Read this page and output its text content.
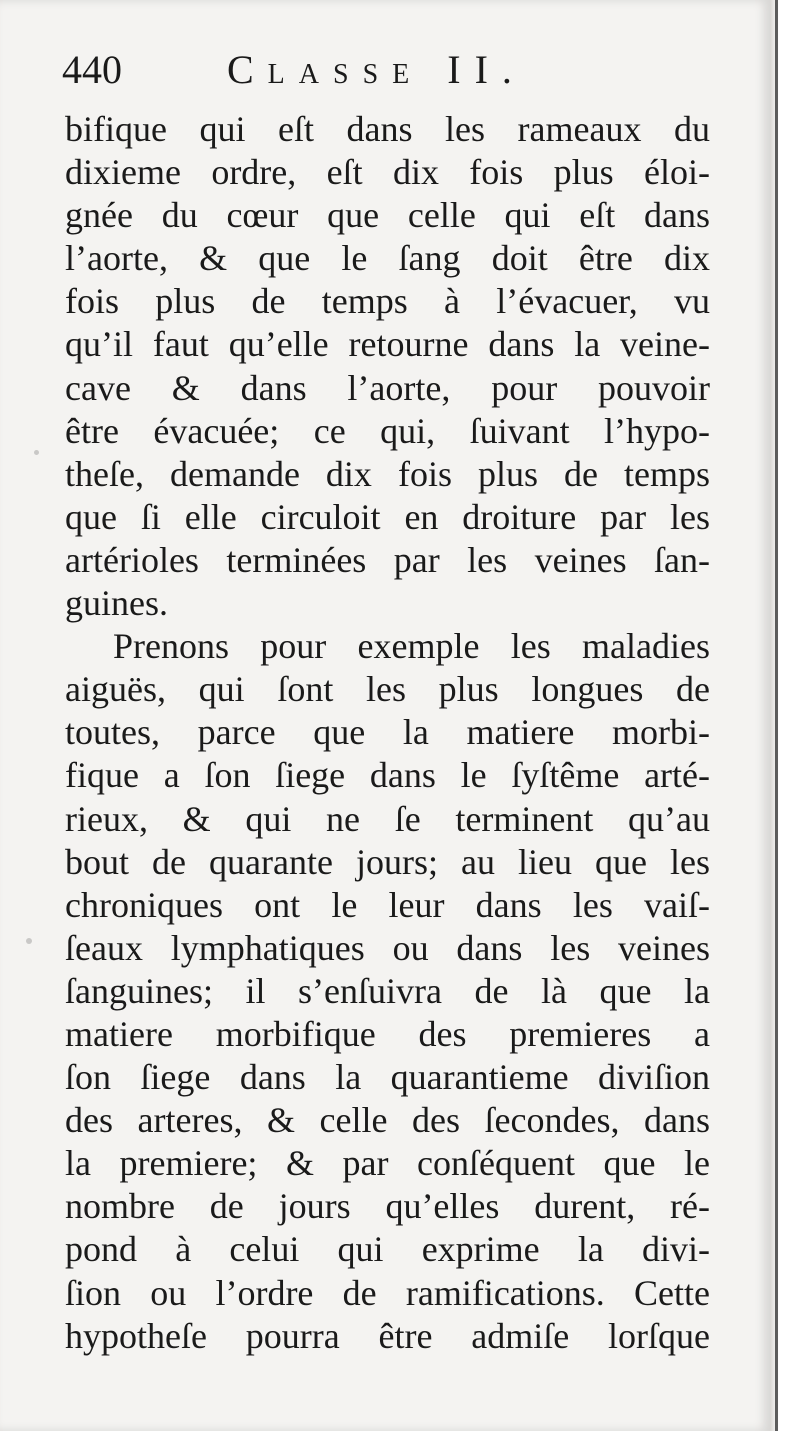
440	Classe II.
bifique qui eſt dans les rameaux du
dixieme ordre, eſt dix fois plus éloi-
gnée du cœur que celle qui eſt dans
l’aorte, & que le ſang doit être dix
fois plus de temps à l’évacuer, vu
qu’il faut qu’elle retourne dans la veine-
cave & dans l’aorte, pour pouvoir
être évacuée; ce qui, ſuivant l’hypo-
theſe, demande dix fois plus de temps
que ſi elle circuloit en droiture par les
artérioles terminées par les veines ſan-
guines.
Prenons pour exemple les maladies
aiguës, qui ſont les plus longues de
toutes, parce que la matiere morbi-
fique a ſon ſiege dans le ſyſtême arté-
rieux, & qui ne ſe terminent qu’au
bout de quarante jours; au lieu que les
chroniques ont le leur dans les vaiſ-
ſeaux lymphatiques ou dans les veines
ſanguines; il s’enſuivra de là que la
matiere morbifique des premieres a
ſon ſiege dans la quarantieme diviſion
des arteres, & celle des ſecondes, dans
la premiere; & par conſéquent que le
nombre de jours qu’elles durent, ré-
pond à celui qui exprime la divi-
ſion ou l’ordre de ramifications. Cette
hypotheſe pourra être admiſe lorſque
